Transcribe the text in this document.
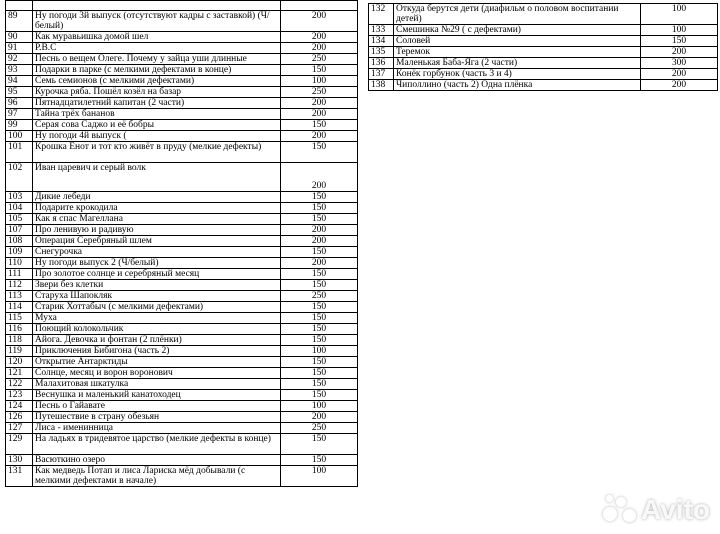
89	Ну погоди 3й выпуск (отсутствуют кадры с заставкой) (Ч/белый)	200
90	Как муравьишка домой шел	200
91	Р.В.С	200
92	Песнь о вещем Олеге. Почему у зайца уши длинные	250
93	Подарки в парке (с мелкими дефектами в конце)	150
94	Семь семионов (с мелкими дефектами)	100
95	Курочка ряба. Пошёл козёл на базар	250
96	Пятнадцатилетний капитан (2 части)	200
97	Тайна трёх бананов	200
99	Серая сова Саджо и её бобры	150
100	Ну погоди 4й выпуск (	200
101	Крошка Енот и тот кто живёт в пруду (мелкие дефекты)	150
102	Иван царевич и серый волк	200
103	Дикие лебеди	150
104	Подарите крокодила	150
105	Как я спас Магеллана	150
107	Про ленивую и радивую	200
108	Операция Серебряный шлем	200
109	Снегурочка	150
110	Ну погоди выпуск 2 (Ч/белый)	200
111	Про золотое солнце и серебряный месяц	150
112	Звери без клетки	150
113	Старуха Шапокляк	250
114	Старик Хоттабыч (с мелкими дефектами)	150
115	Муха	150
116	Поющий колокольчик	150
118	Айога. Девочка и фонтан (2 плёнки)	150
119	Приключения Бибигона (часть 2)	100
120	Открытие Антарктиды	150
121	Солнце, месяц и ворон воронович	150
122	Малахитовая шкатулка	150
123	Веснушка и маленький канатоходец	150
124	Песнь о Гайавате	100
126	Путешествие в страну обезьян	200
127	Лиса - именинница	250
129	На ладьях в тридевятое царство (мелкие дефекты в конце)	150
130	Васюткино озеро	150
131	Как медведь Потап и лиса Лариска мёд добывали (с мелкими дефектами в начале)	100
132	Откуда берутся дети (диафильм о половом воспитании детей)	100
133	Смешинка №29 ( с дефектами)	100
134	Соловей	150
135	Теремок	200
136	Маленькая Баба-Яга (2 части)	300
137	Конёк горбунок (часть 3 и 4)	200
138	Чиполлино (часть 2) Одна плёнка	200
Avito
